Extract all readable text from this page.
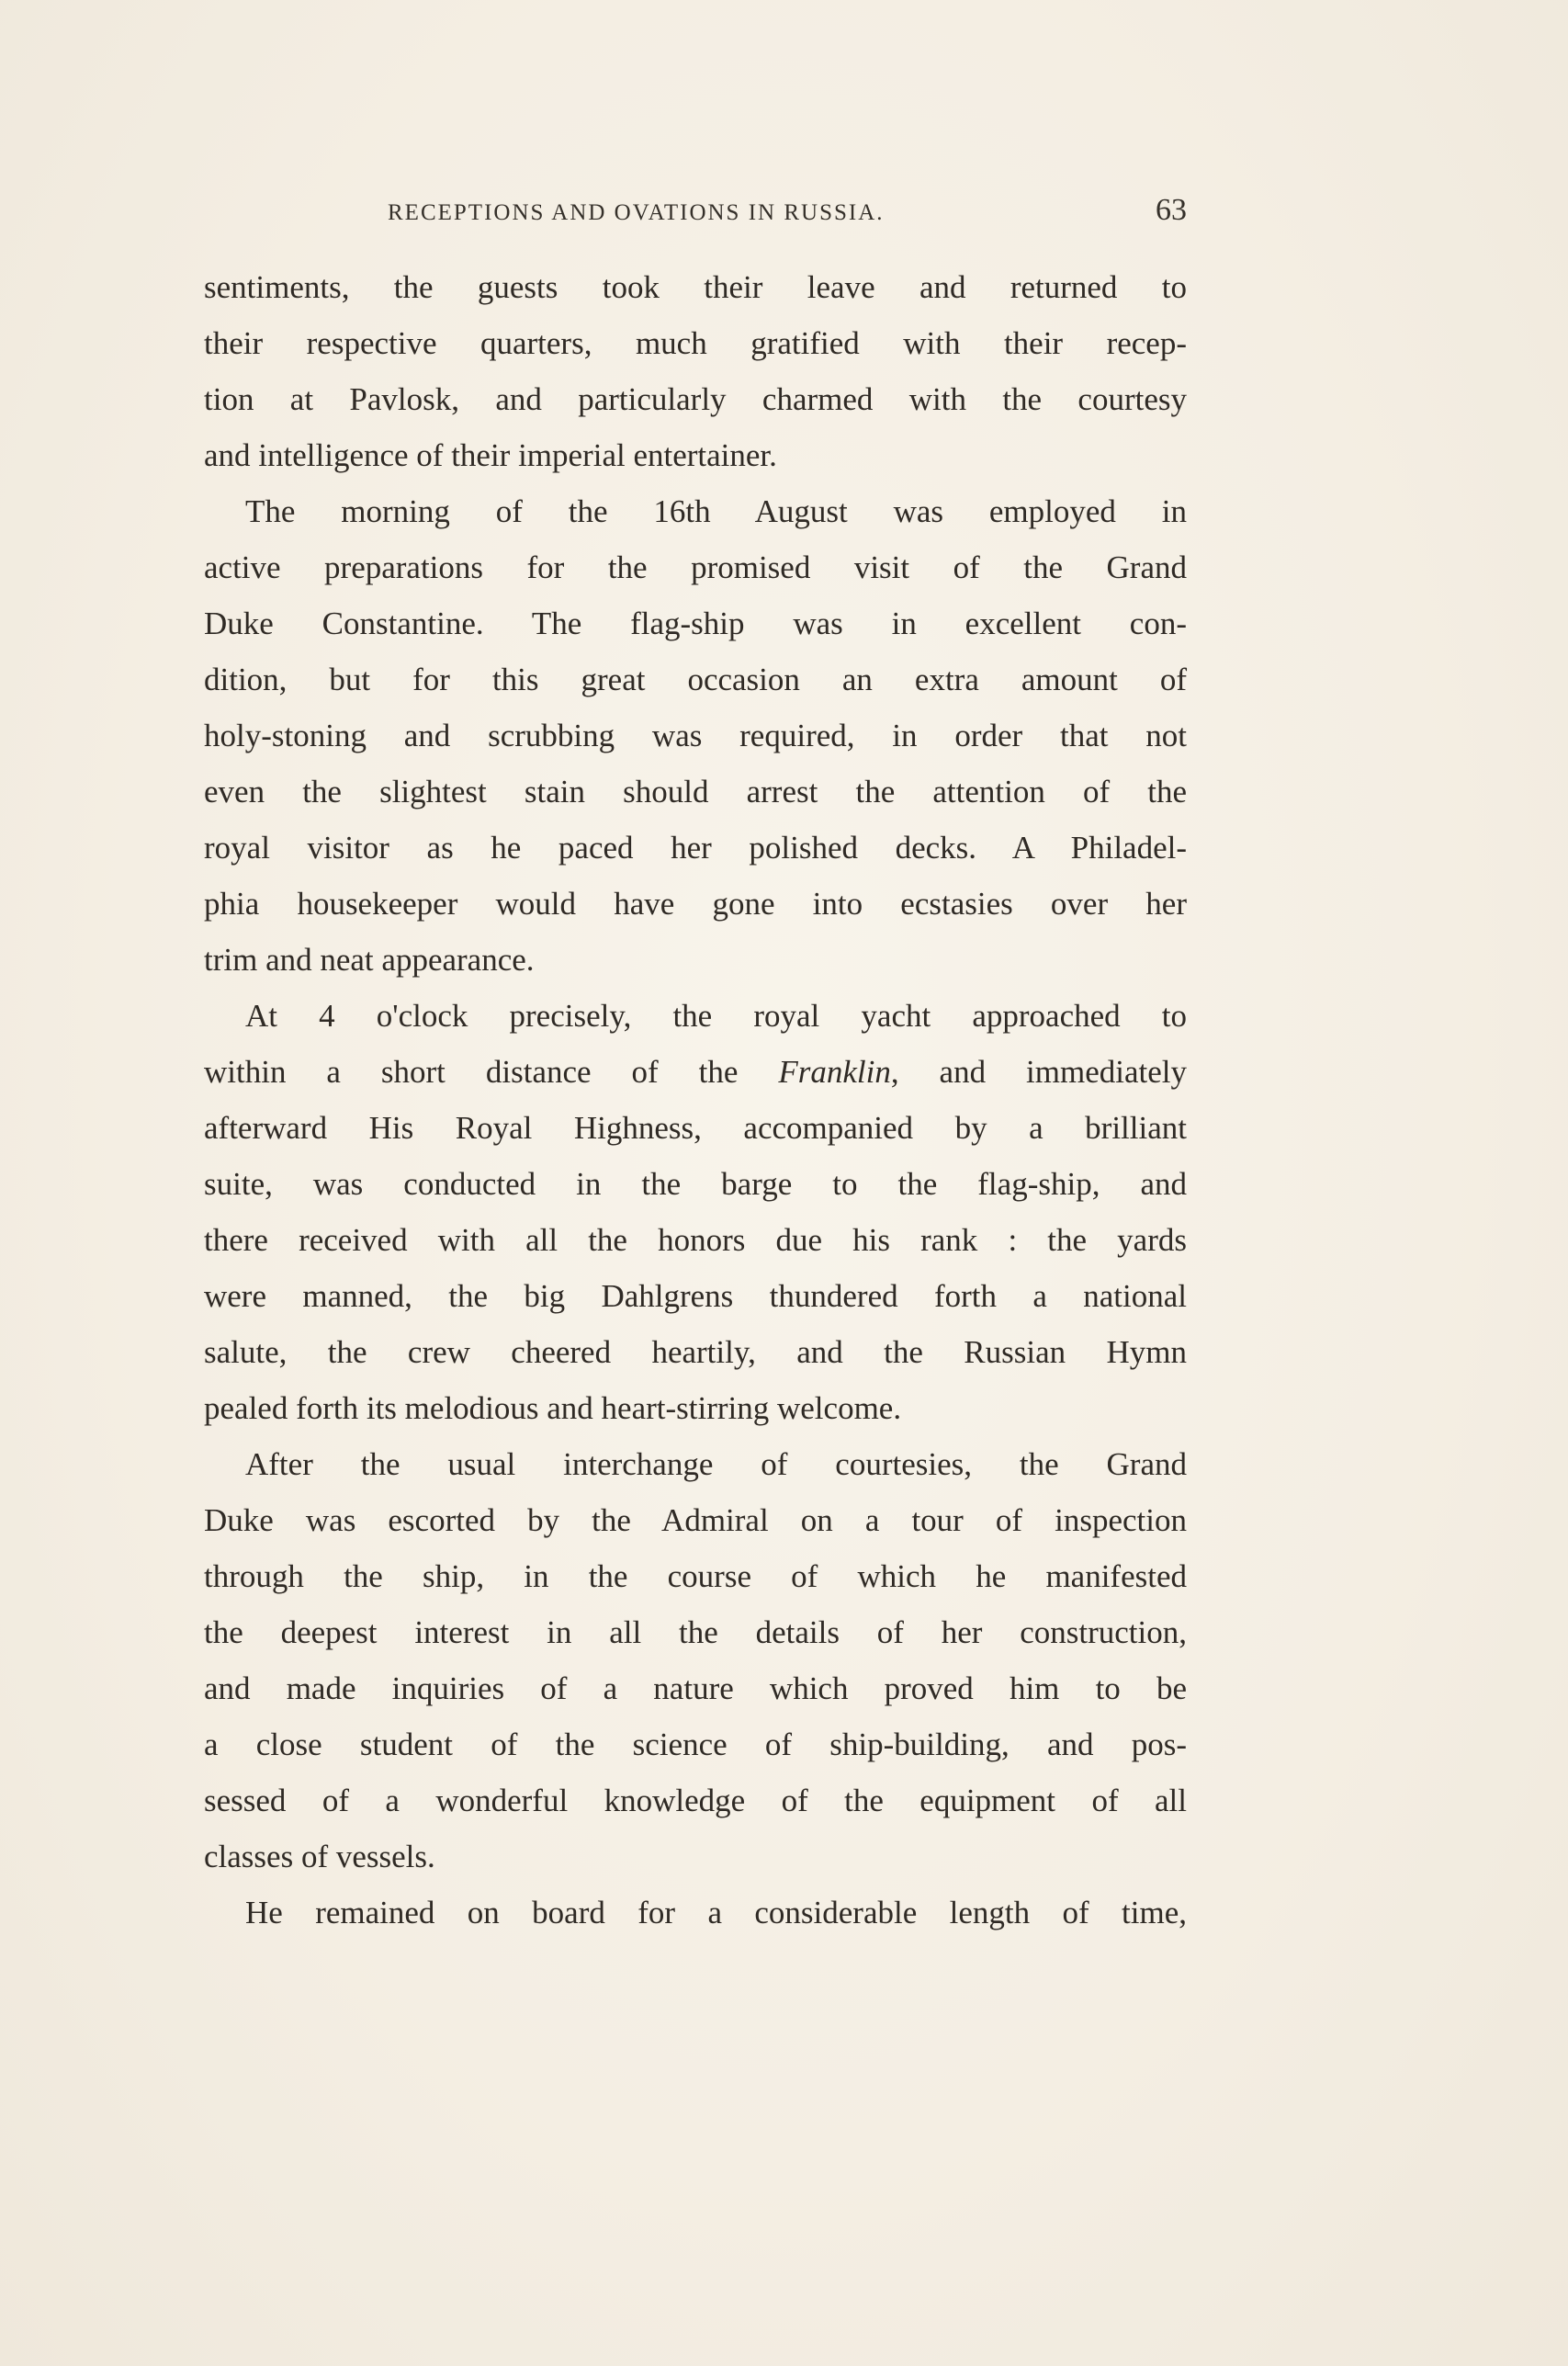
RECEPTIONS AND OVATIONS IN RUSSIA.	63
sentiments, the guests took their leave and returned to
their respective quarters, much gratified with their recep-
tion at Pavlosk, and particularly charmed with the courtesy
and intelligence of their imperial entertainer.
The morning of the 16th August was employed in
active preparations for the promised visit of the Grand
Duke Constantine. The flag-ship was in excellent con-
dition, but for this great occasion an extra amount of
holy-stoning and scrubbing was required, in order that not
even the slightest stain should arrest the attention of the
royal visitor as he paced her polished decks. A Philadel-
phia housekeeper would have gone into ecstasies over her
trim and neat appearance.
At 4 o'clock precisely, the royal yacht approached to
within a short distance of the Franklin, and immediately
afterward His Royal Highness, accompanied by a brilliant
suite, was conducted in the barge to the flag-ship, and
there received with all the honors due his rank : the yards
were manned, the big Dahlgrens thundered forth a national
salute, the crew cheered heartily, and the Russian Hymn
pealed forth its melodious and heart-stirring welcome.
After the usual interchange of courtesies, the Grand
Duke was escorted by the Admiral on a tour of inspection
through the ship, in the course of which he manifested
the deepest interest in all the details of her construction,
and made inquiries of a nature which proved him to be
a close student of the science of ship-building, and pos-
sessed of a wonderful knowledge of the equipment of all
classes of vessels.
He remained on board for a considerable length of time,
